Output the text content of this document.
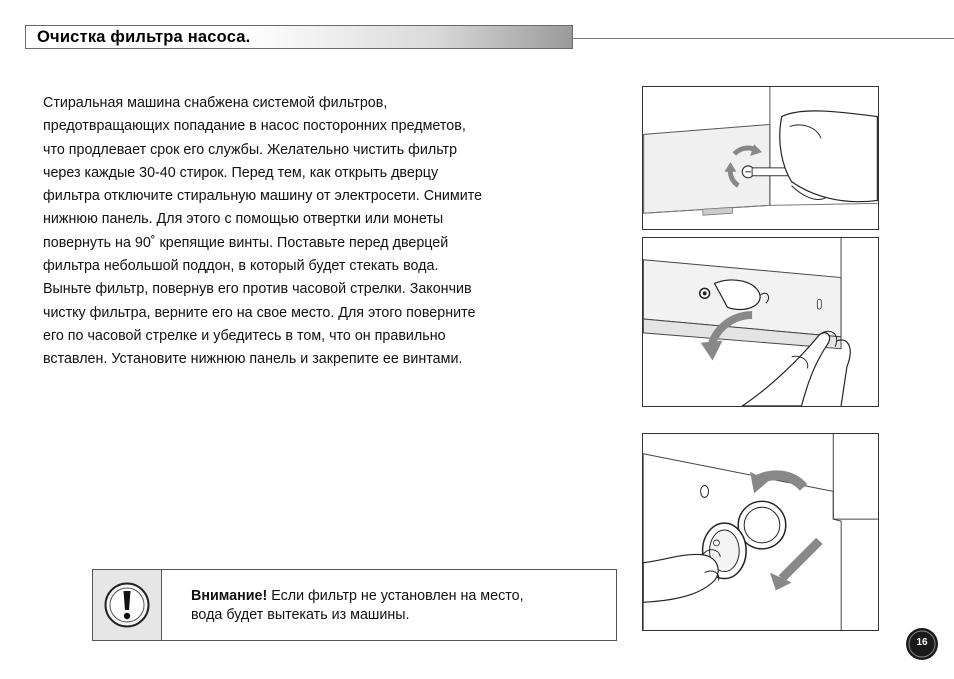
Очистка фильтра насоса.
Стиральная машина снабжена системой фильтров,
предотвращающих попадание в насос посторонних предметов,
что продлевает срок его службы. Желательно чистить фильтр
через каждые 30-40 стирок. Перед тем, как открыть дверцу
фильтра отключите стиральную машину от электросети. Снимите
нижнюю панель. Для этого с помощью отвертки или монеты
повернуть на 90˚ крепящие винты. Поставьте перед дверцей
фильтра небольшой поддон, в который будет стекать вода.
Выньте фильтр, повернув его против часовой стрелки. Закончив
чистку фильтра, верните его на свое место. Для этого поверните
его по часовой стрелке и убедитесь в том, что он правильно
вставлен. Установите нижнюю панель и закрепите ее винтами.
Внимание! Если фильтр не установлен на место,
вода будет вытекать из машины.
16
